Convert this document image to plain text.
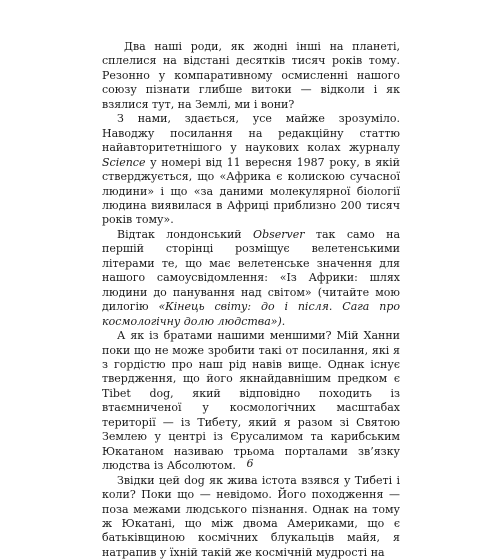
Два наші роди, як жодні інші на планеті, сплелися на відстані десятків тисяч років тому. Резонно у компаративному осмисленні нашого союзу пізнати глибше витоки — відколи і як взялися тут, на Землі, ми і вони?

З нами, здається, усе майже зрозуміло. Наводжу посилання на редакційну статтю найавторитетнішого у наукових колах журналу Science у номері від 11 вересня 1987 року, в якій стверджується, що «Африка є колискою сучасної людини» і що «за даними молекулярної біології людина виявилася в Африці приблизно 200 тисяч років тому».

Відтак лондонський Observer так само на першій сторінці розміщує велетенськими літерами те, що має велетенське значення для нашого самоусвідомлення: «Із Африки: шлях людини до панування над світом» (читайте мою дилогію «Кінець світу: до і після. Сага про космологічну долю людства»).

А як із братами нашими меншими? Мій Ханни поки що не може зробити такі от посилання, які я з гордістю про наш рід навів вище. Однак існує твердження, що його якнайдавнішим предком є Tibet dog, який відповідно походить із втаємниченої у космологічних масштабах території — із Тибету, який я разом зі Святою Землею у центрі із Єрусалимом та карибським Юкатаном називаю трьома порталами зв’язку людства із Абсолютом.

Звідки цей dog як жива істота взявся у Тибеті і коли? Поки що — невідомо. Його походження — поза межами людського пізнання. Однак на тому ж Юкатані, що між двома Америками, що є батьківщиною космічних блукальців майя, я натрапив у їхній такій же космічній мудрості на

6
